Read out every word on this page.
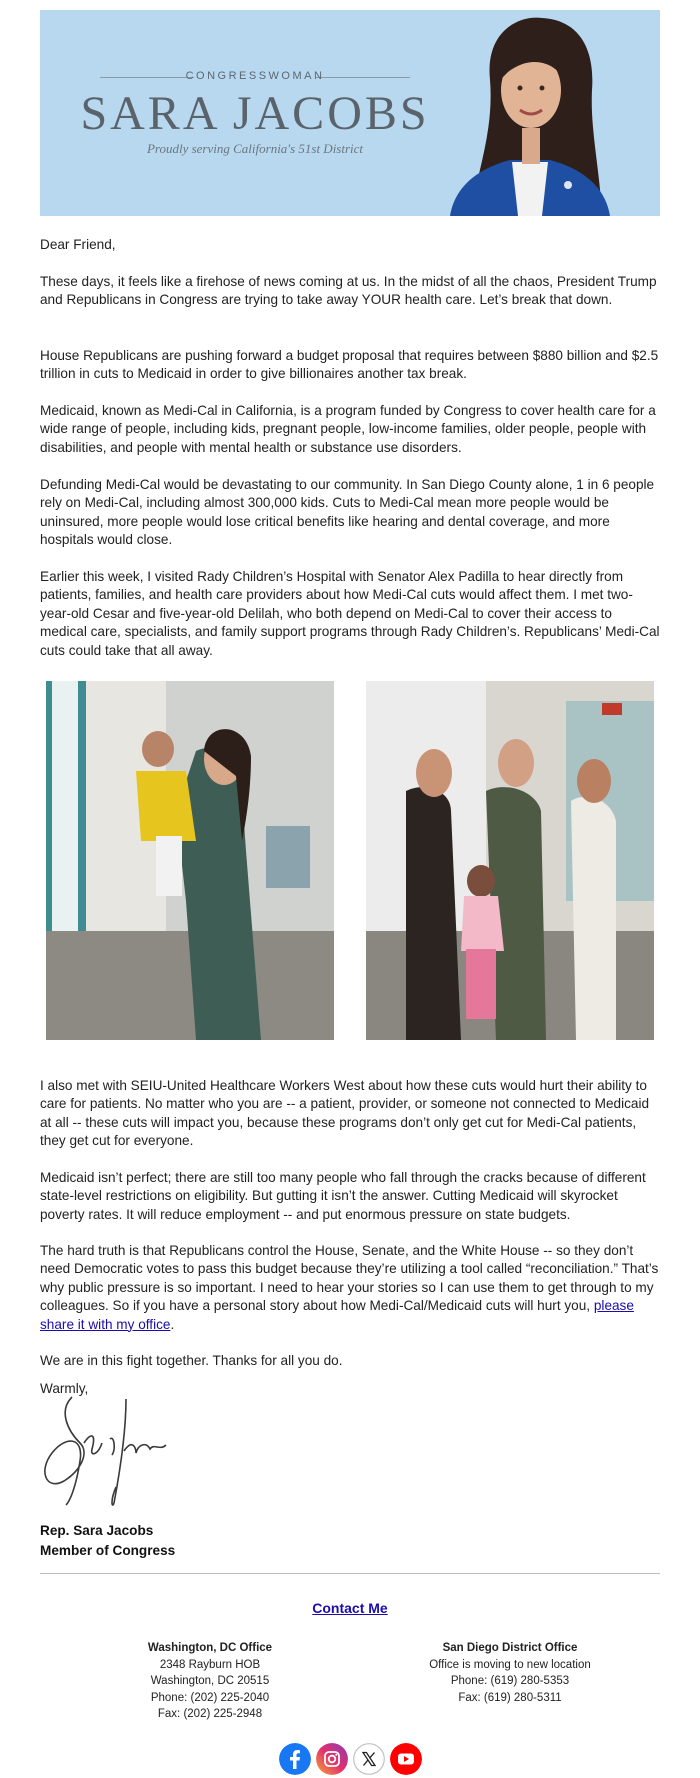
CONGRESSWOMAN
SARA JACOBS
Proudly serving California's 51st District

Dear Friend,

These days, it feels like a firehose of news coming at us. In the midst of all the chaos, President Trump and Republicans in Congress are trying to take away YOUR health care. Let’s break that down.

House Republicans are pushing forward a budget proposal that requires between $880 billion and $2.5 trillion in cuts to Medicaid in order to give billionaires another tax break.

Medicaid, known as Medi-Cal in California, is a program funded by Congress to cover health care for a wide range of people, including kids, pregnant people, low-income families, older people, people with disabilities, and people with mental health or substance use disorders.

Defunding Medi-Cal would be devastating to our community. In San Diego County alone, 1 in 6 people rely on Medi-Cal, including almost 300,000 kids. Cuts to Medi-Cal mean more people would be uninsured, more people would lose critical benefits like hearing and dental coverage, and more hospitals would close.

Earlier this week, I visited Rady Children’s Hospital with Senator Alex Padilla to hear directly from patients, families, and health care providers about how Medi-Cal cuts would affect them. I met two-year-old Cesar and five-year-old Delilah, who both depend on Medi-Cal to cover their access to medical care, specialists, and family support programs through Rady Children’s. Republicans’ Medi-Cal cuts could take that all away.

I also met with SEIU-United Healthcare Workers West about how these cuts would hurt their ability to care for patients. No matter who you are -- a patient, provider, or someone not connected to Medicaid at all -- these cuts will impact you, because these programs don’t only get cut for Medi-Cal patients, they get cut for everyone.

Medicaid isn’t perfect; there are still too many people who fall through the cracks because of different state-level restrictions on eligibility. But gutting it isn’t the answer. Cutting Medicaid will skyrocket poverty rates. It will reduce employment -- and put enormous pressure on state budgets.

The hard truth is that Republicans control the House, Senate, and the White House -- so they don’t need Democratic votes to pass this budget because they’re utilizing a tool called “reconciliation.” That’s why public pressure is so important. I need to hear your stories so I can use them to get through to my colleagues. So if you have a personal story about how Medi-Cal/Medicaid cuts will hurt you, please share it with my office.

We are in this fight together. Thanks for all you do.

Warmly,

Rep. Sara Jacobs
Member of Congress
Contact Me
Washington, DC Office
2348 Rayburn HOB
Washington, DC 20515
Phone: (202) 225-2040
Fax: (202) 225-2948
San Diego District Office
Office is moving to new location
Phone: (619) 280-5353
Fax: (619) 280-5311
